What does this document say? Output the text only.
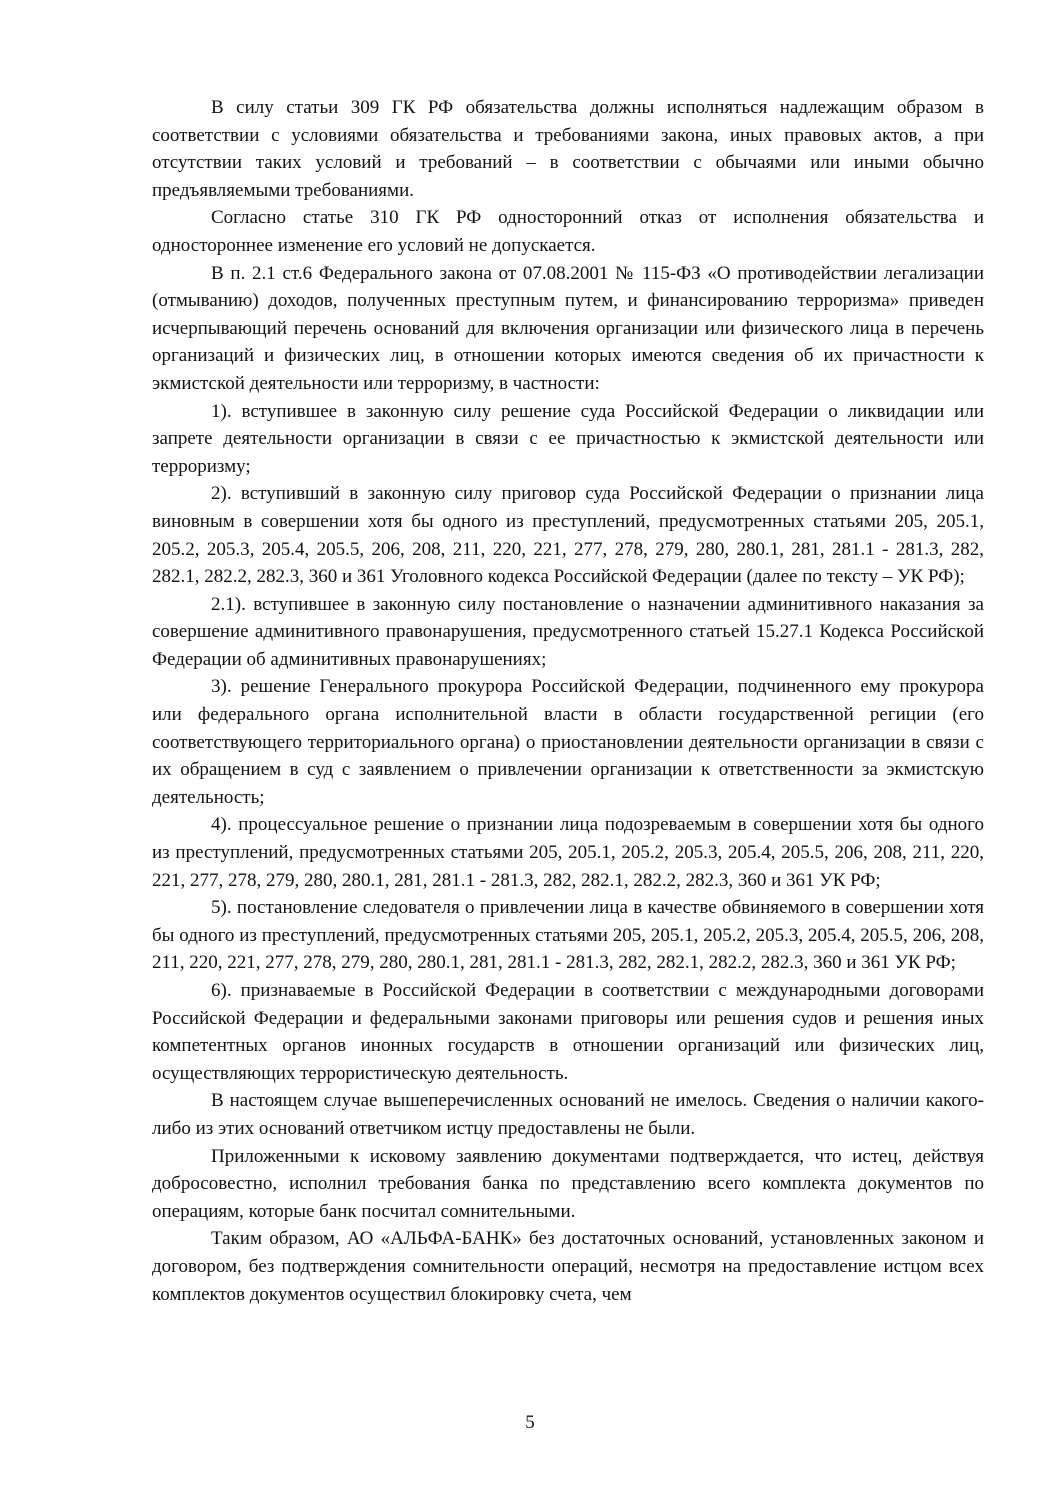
В силу статьи 309 ГК РФ обязательства должны исполняться надлежащим образом в соответствии с условиями обязательства и требованиями закона, иных правовых актов, а при отсутствии таких условий и требований – в соответствии с обычаями или иными обычно предъявляемыми требованиями.

Согласно статье 310 ГК РФ односторонний отказ от исполнения обязательства и одностороннее изменение его условий не допускается.

В п. 2.1 ст.6 Федерального закона от 07.08.2001 № 115-ФЗ «О противодействии легализации (отмыванию) доходов, полученных преступным путем, и финансированию терроризма» приведен исчерпывающий перечень оснований для включения организации или физического лица в перечень организаций и физических лиц, в отношении которых имеются сведения об их причастности к экмистской деятельности или терроризму, в частности:

1). вступившее в законную силу решение суда Российской Федерации о ликвидации или запрете деятельности организации в связи с ее причастностью к экмистской деятельности или терроризму;

2). вступивший в законную силу приговор суда Российской Федерации о признании лица виновным в совершении хотя бы одного из преступлений, предусмотренных статьями 205, 205.1, 205.2, 205.3, 205.4, 205.5, 206, 208, 211, 220, 221, 277, 278, 279, 280, 280.1, 281, 281.1 - 281.3, 282, 282.1, 282.2, 282.3, 360 и 361 Уголовного кодекса Российской Федерации (далее по тексту – УК РФ);

2.1). вступившее в законную силу постановление о назначении админитивного наказания за совершение админитивного правонарушения, предусмотренного статьей 15.27.1 Кодекса Российской Федерации об админитивных правонарушениях;

3). решение Генерального прокурора Российской Федерации, подчиненного ему прокурора или федерального органа исполнительной власти в области государственной региции (его соответствующего территориального органа) о приостановлении деятельности организации в связи с их обращением в суд с заявлением о привлечении организации к ответственности за экмистскую деятельность;

4). процессуальное решение о признании лица подозреваемым в совершении хотя бы одного из преступлений, предусмотренных статьями 205, 205.1, 205.2, 205.3, 205.4, 205.5, 206, 208, 211, 220, 221, 277, 278, 279, 280, 280.1, 281, 281.1 - 281.3, 282, 282.1, 282.2, 282.3, 360 и 361 УК РФ;

5). постановление следователя о привлечении лица в качестве обвиняемого в совершении хотя бы одного из преступлений, предусмотренных статьями 205, 205.1, 205.2, 205.3, 205.4, 205.5, 206, 208, 211, 220, 221, 277, 278, 279, 280, 280.1, 281, 281.1 - 281.3, 282, 282.1, 282.2, 282.3, 360 и 361 УК РФ;

6). признаваемые в Российской Федерации в соответствии с международными договорами Российской Федерации и федеральными законами приговоры или решения судов и решения иных компетентных органов инонных государств в отношении организаций или физических лиц, осуществляющих террористическую деятельность.

В настоящем случае вышеперечисленных оснований не имелось. Сведения о наличии какого-либо из этих оснований ответчиком истцу предоставлены не были.

Приложенными к исковому заявлению документами подтверждается, что истец, действуя добросовестно, исполнил требования банка по представлению всего комплекта документов по операциям, которые банк посчитал сомнительными.

Таким образом, АО «АЛЬФА-БАНК» без достаточных оснований, установленных законом и договором, без подтверждения сомнительности операций, несмотря на предоставление истцом всех комплектов документов осуществил блокировку счета, чем

5
